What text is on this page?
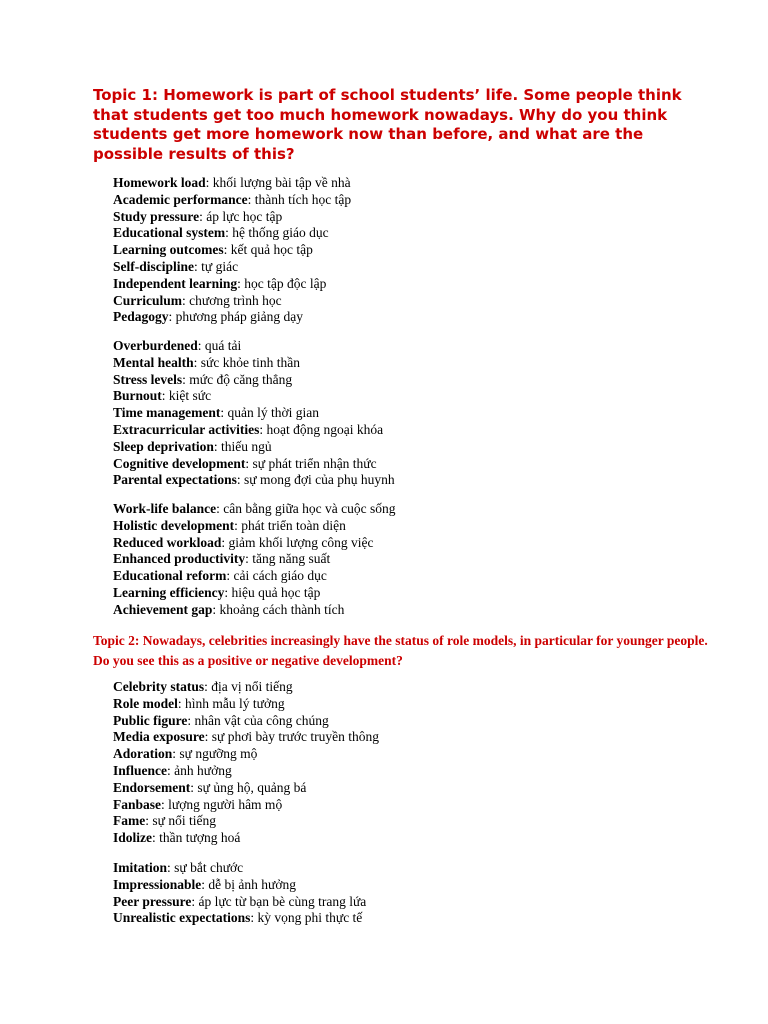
Topic 1: Homework is part of school students’ life. Some people think that students get too much homework nowadays. Why do you think students get more homework now than before, and what are the possible results of this?

Homework load: khối lượng bài tập về nhà
Academic performance: thành tích học tập
Study pressure: áp lực học tập
Educational system: hệ thống giáo dục
Learning outcomes: kết quả học tập
Self-discipline: tự giác
Independent learning: học tập độc lập
Curriculum: chương trình học
Pedagogy: phương pháp giảng dạy
Overburdened: quá tải
Mental health: sức khỏe tinh thần
Stress levels: mức độ căng thẳng
Burnout: kiệt sức
Time management: quản lý thời gian
Extracurricular activities: hoạt động ngoại khóa
Sleep deprivation: thiếu ngủ
Cognitive development: sự phát triển nhận thức
Parental expectations: sự mong đợi của phụ huynh
Work-life balance: cân bằng giữa học và cuộc sống
Holistic development: phát triển toàn diện
Reduced workload: giảm khối lượng công việc
Enhanced productivity: tăng năng suất
Educational reform: cải cách giáo dục
Learning efficiency: hiệu quả học tập
Achievement gap: khoảng cách thành tích

Topic 2: Nowadays, celebrities increasingly have the status of role models, in particular for younger people. Do you see this as a positive or negative development?

Celebrity status: địa vị nổi tiếng
Role model: hình mẫu lý tưởng
Public figure: nhân vật của công chúng
Media exposure: sự phơi bày trước truyền thông
Adoration: sự ngưỡng mộ
Influence: ảnh hưởng
Endorsement: sự ủng hộ, quảng bá
Fanbase: lượng người hâm mộ
Fame: sự nổi tiếng
Idolize: thần tượng hoá
Imitation: sự bắt chước
Impressionable: dễ bị ảnh hưởng
Peer pressure: áp lực từ bạn bè cùng trang lứa
Unrealistic expectations: kỳ vọng phi thực tế
